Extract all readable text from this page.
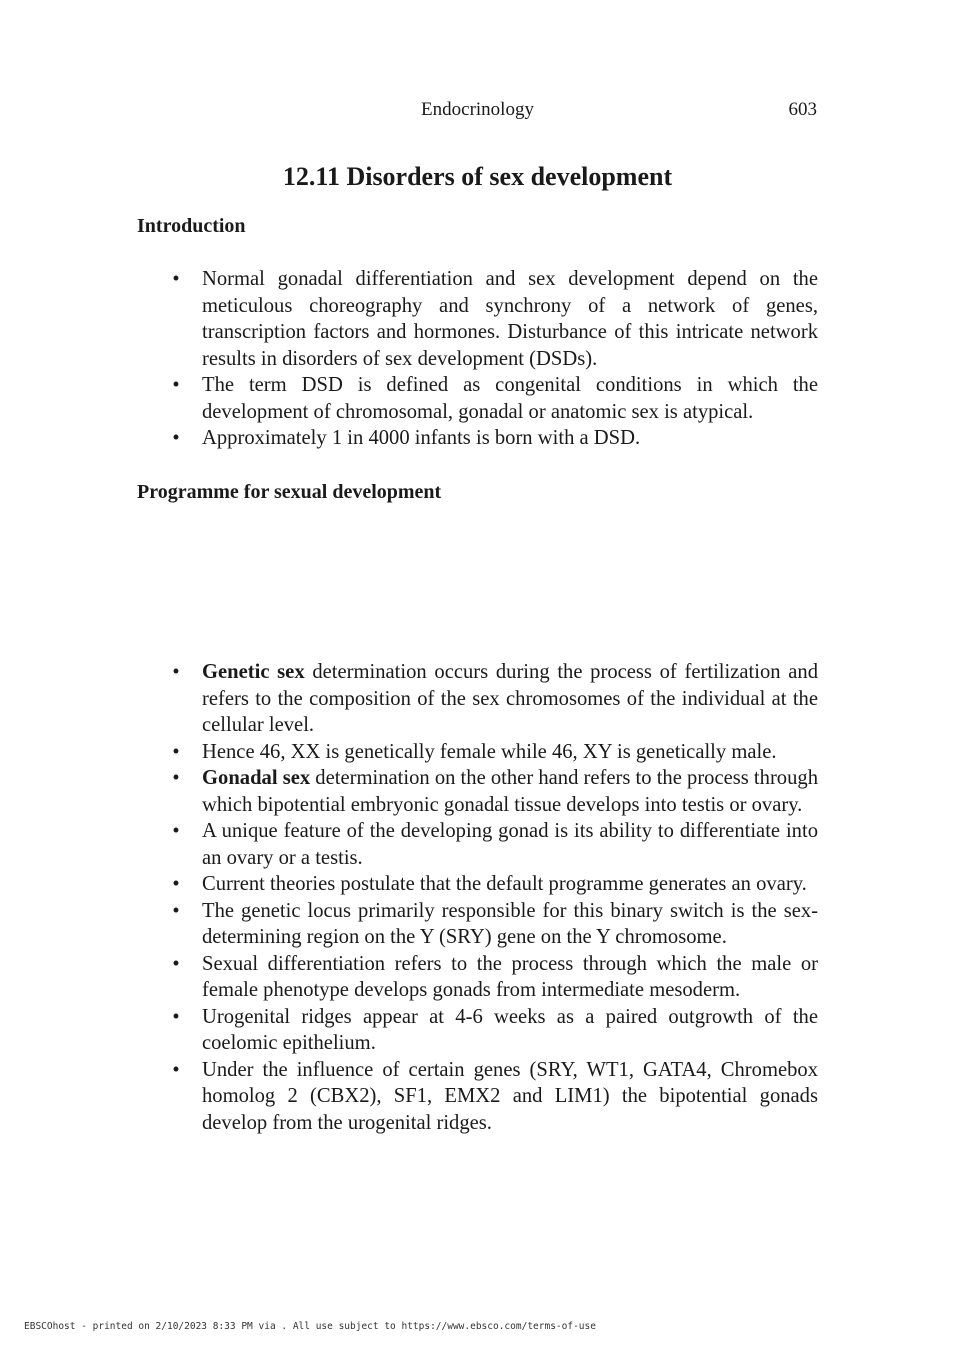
Endocrinology	603
12.11 Disorders of sex development
Introduction
• Normal gonadal differentiation and sex development depend on the meticulous choreography and synchrony of a network of genes, transcription factors and hormones. Disturbance of this intricate network results in disorders of sex development (DSDs).
• The term DSD is defined as congenital conditions in which the development of chromosomal, gonadal or anatomic sex is atypical.
• Approximately 1 in 4000 infants is born with a DSD.
Programme for sexual development
• Genetic sex determination occurs during the process of fertilization and refers to the composition of the sex chromosomes of the individual at the cellular level.
• Hence 46, XX is genetically female while 46, XY is genetically male.
• Gonadal sex determination on the other hand refers to the process through which bipotential embryonic gonadal tissue develops into testis or ovary.
• A unique feature of the developing gonad is its ability to differentiate into an ovary or a testis.
• Current theories postulate that the default programme generates an ovary.
• The genetic locus primarily responsible for this binary switch is the sex-determining region on the Y (SRY) gene on the Y chromosome.
• Sexual differentiation refers to the process through which the male or female phenotype develops gonads from intermediate mesoderm.
• Urogenital ridges appear at 4-6 weeks as a paired outgrowth of the coelomic epithelium.
• Under the influence of certain genes (SRY, WT1, GATA4, Chromebox homolog 2 (CBX2), SF1, EMX2 and LIM1) the bipotential gonads develop from the urogenital ridges.
EBSCOhost - printed on 2/10/2023 8:33 PM via . All use subject to https://www.ebsco.com/terms-of-use
